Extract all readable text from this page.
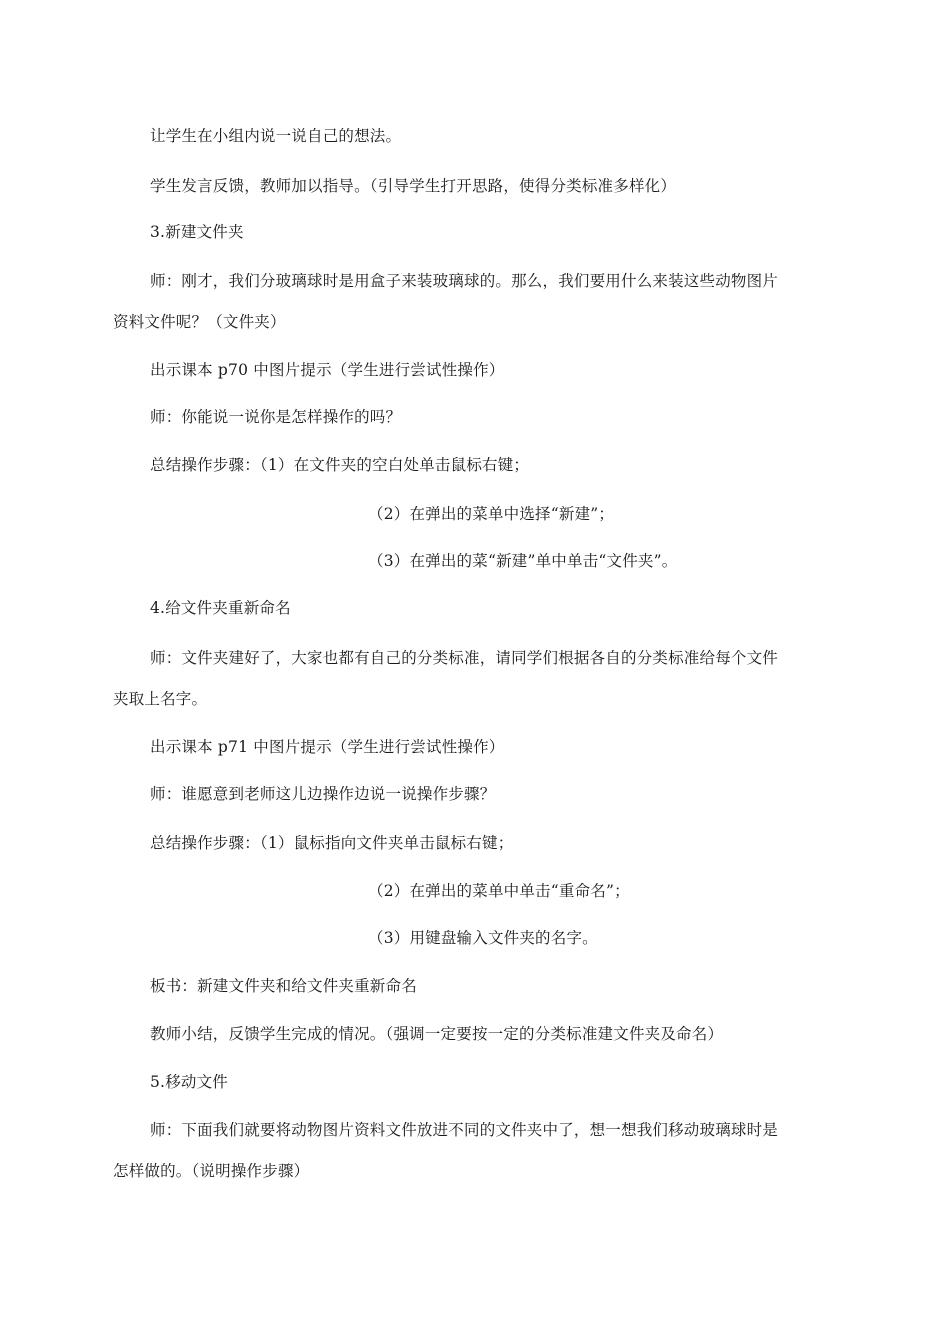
让学生在小组内说一说自己的想法。
学生发言反馈，教师加以指导。（引导学生打开思路，使得分类标准多样化）
3.新建文件夹
师：刚才，我们分玻璃球时是用盒子来装玻璃球的。那么，我们要用什么来装这些动物图片
资料文件呢？（文件夹）
出示课本 p70 中图片提示（学生进行尝试性操作）
师：你能说一说你是怎样操作的吗？
总结操作步骤：（1）在文件夹的空白处单击鼠标右键；
（2）在弹出的菜单中选择“新建”；
（3）在弹出的菜“新建”单中单击“文件夹”。
4.给文件夹重新命名
师：文件夹建好了，大家也都有自己的分类标准，请同学们根据各自的分类标准给每个文件
夹取上名字。
出示课本 p71 中图片提示（学生进行尝试性操作）
师：谁愿意到老师这儿边操作边说一说操作步骤？
总结操作步骤：（1）鼠标指向文件夹单击鼠标右键；
（2）在弹出的菜单中单击“重命名”；
（3）用键盘输入文件夹的名字。
板书：新建文件夹和给文件夹重新命名
教师小结，反馈学生完成的情况。（强调一定要按一定的分类标准建文件夹及命名）
5.移动文件
师：下面我们就要将动物图片资料文件放进不同的文件夹中了，想一想我们移动玻璃球时是
怎样做的。（说明操作步骤）
